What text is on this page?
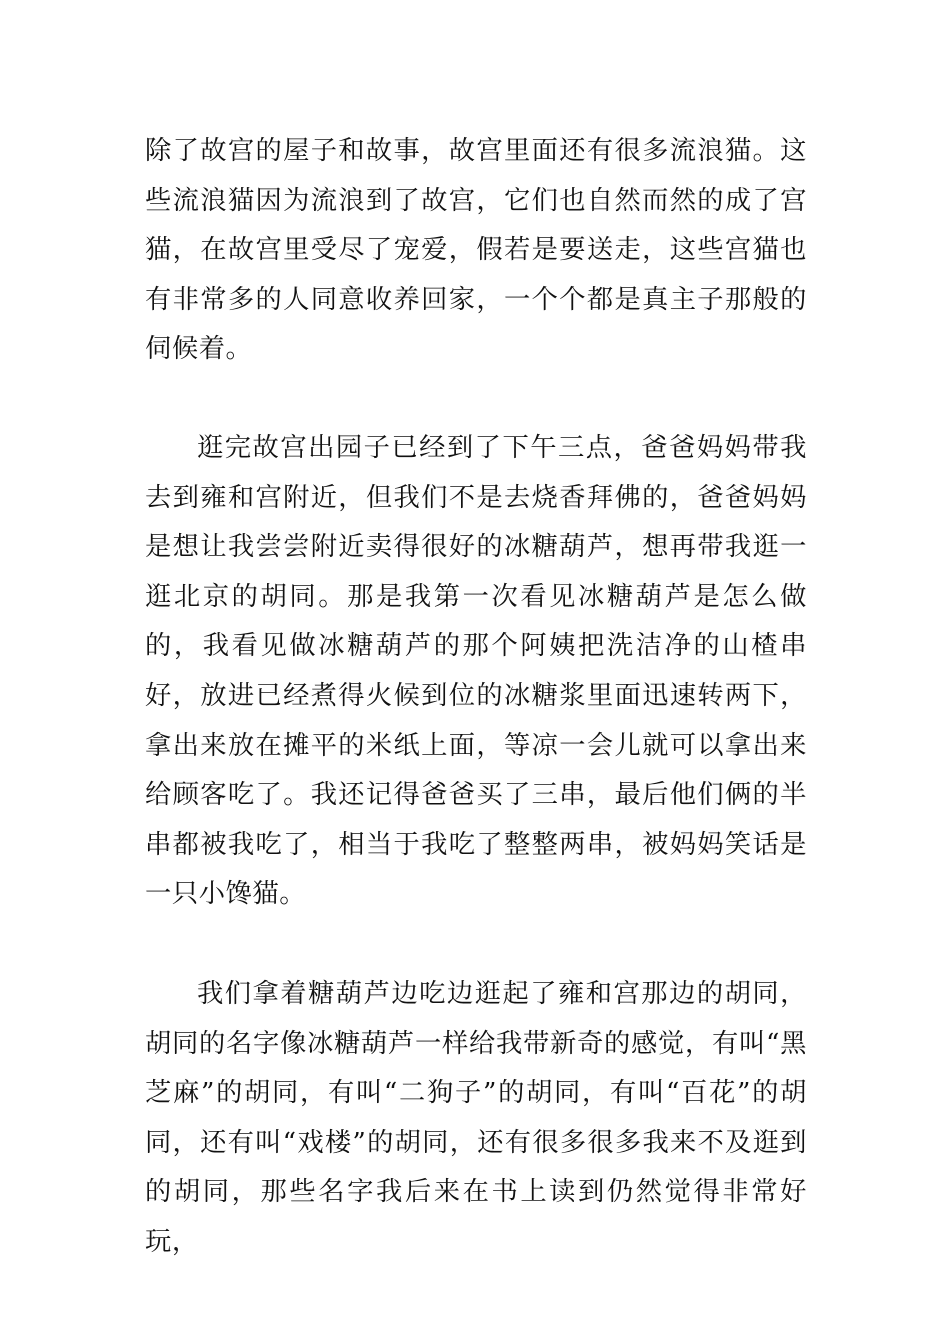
除了故宫的屋子和故事，故宫里面还有很多流浪猫。这些流浪猫因为流浪到了故宫，它们也自然而然的成了宫猫，在故宫里受尽了宠爱，假若是要送走，这些宫猫也有非常多的人同意收养回家，一个个都是真主子那般的伺候着。

逛完故宫出园子已经到了下午三点，爸爸妈妈带我去到雍和宫附近，但我们不是去烧香拜佛的，爸爸妈妈是想让我尝尝附近卖得很好的冰糖葫芦，想再带我逛一逛北京的胡同。那是我第一次看见冰糖葫芦是怎么做的，我看见做冰糖葫芦的那个阿姨把洗洁净的山楂串好，放进已经煮得火候到位的冰糖浆里面迅速转两下，拿出来放在摊平的米纸上面，等凉一会儿就可以拿出来给顾客吃了。我还记得爸爸买了三串，最后他们俩的半串都被我吃了，相当于我吃了整整两串，被妈妈笑话是一只小馋猫。

我们拿着糖葫芦边吃边逛起了雍和宫那边的胡同，胡同的名字像冰糖葫芦一样给我带新奇的感觉，有叫“黑芝麻”的胡同，有叫“二狗子”的胡同，有叫“百花”的胡同，还有叫“戏楼”的胡同，还有很多很多我来不及逛到的胡同，那些名字我后来在书上读到仍然觉得非常好玩，
